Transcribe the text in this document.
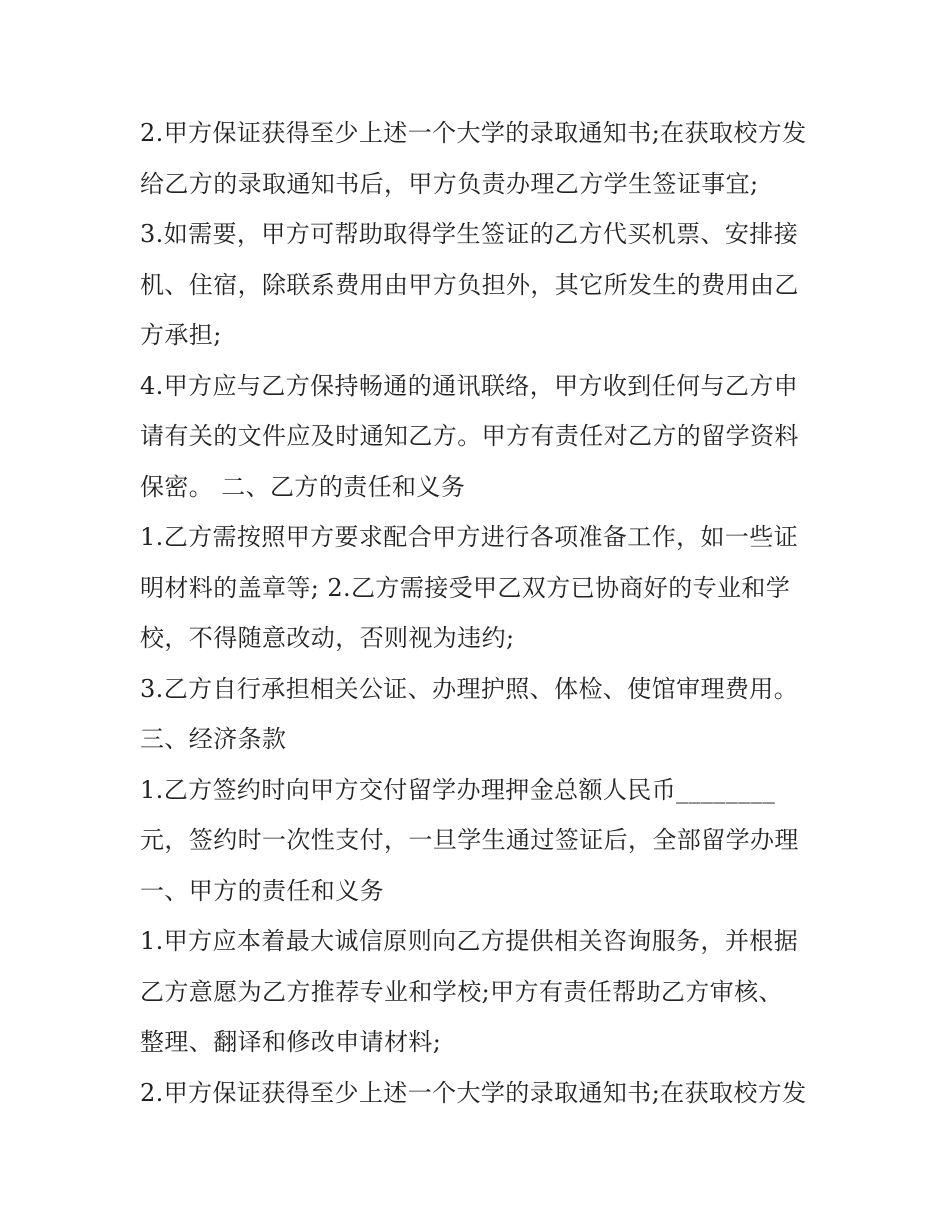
2.甲方保证获得至少上述一个大学的录取通知书;在获取校方发
给乙方的录取通知书后，甲方负责办理乙方学生签证事宜;
3.如需要，甲方可帮助取得学生签证的乙方代买机票、安排接
机、住宿，除联系费用由甲方负担外，其它所发生的费用由乙
方承担;
4.甲方应与乙方保持畅通的通讯联络，甲方收到任何与乙方申
请有关的文件应及时通知乙方。甲方有责任对乙方的留学资料
保密。 二、乙方的责任和义务
1.乙方需按照甲方要求配合甲方进行各项准备工作，如一些证
明材料的盖章等; 2.乙方需接受甲乙双方已协商好的专业和学
校，不得随意改动，否则视为违约;
3.乙方自行承担相关公证、办理护照、体检、使馆审理费用。
三、经济条款
1.乙方签约时向甲方交付留学办理押金总额人民币________
元，签约时一次性支付，一旦学生通过签证后，全部留学办理
一、甲方的责任和义务
1.甲方应本着最大诚信原则向乙方提供相关咨询服务，并根据
乙方意愿为乙方推荐专业和学校;甲方有责任帮助乙方审核、
整理、翻译和修改申请材料;
2.甲方保证获得至少上述一个大学的录取通知书;在获取校方发
